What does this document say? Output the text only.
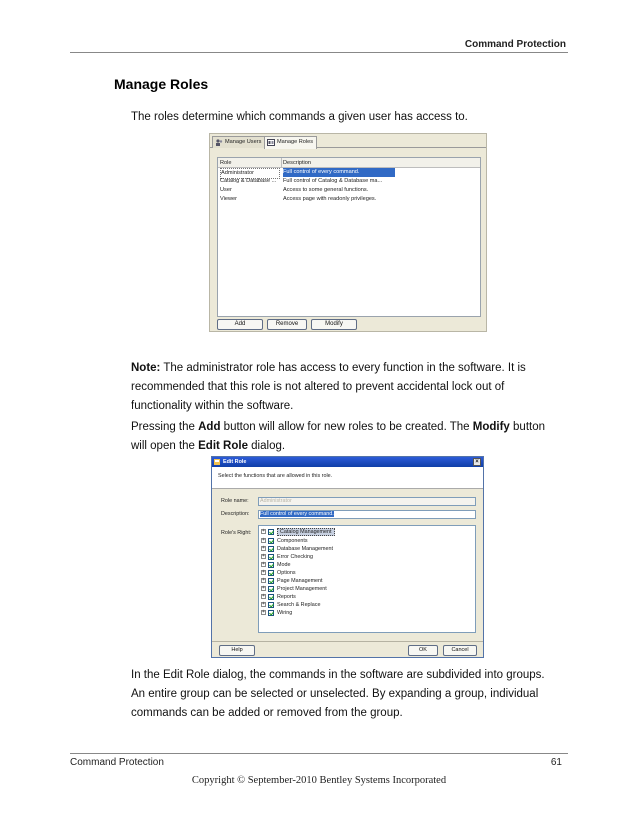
Command Protection
Manage Roles
The roles determine which commands a given user has access to.
Manage Users	Manage Roles
Role	Description
Administrator	Full control of every command.
Catalog & Database ...	Full control of Catalog & Database ma...
User	Access to some general functions.
Viewer	Access page with readonly privileges.
Add	Remove	Modify
Note: The administrator role has access to every function in the software. It is recommended that this role is not altered to prevent accidental lock out of functionality within the software.
Pressing the Add button will allow for new roles to be created. The Modify button will open the Edit Role dialog.
Edit Role	×
Select the functions that are allowed in this role.
Role name:	Administrator
Description:	Full control of every command.
Role's Right: +	Catalog Management
+ Components
+ Database Management
+ Error Checking
+ Mode
+ Options
+ Page Management
+ Project Management
+ Reports
+ Search & Replace
+ Wiring
Help	OK	Cancel
In the Edit Role dialog, the commands in the software are subdivided into groups. An entire group can be selected or unselected. By expanding a group, individual commands can be added or removed from the group.
Command Protection	61
Copyright © September-2010 Bentley Systems Incorporated
